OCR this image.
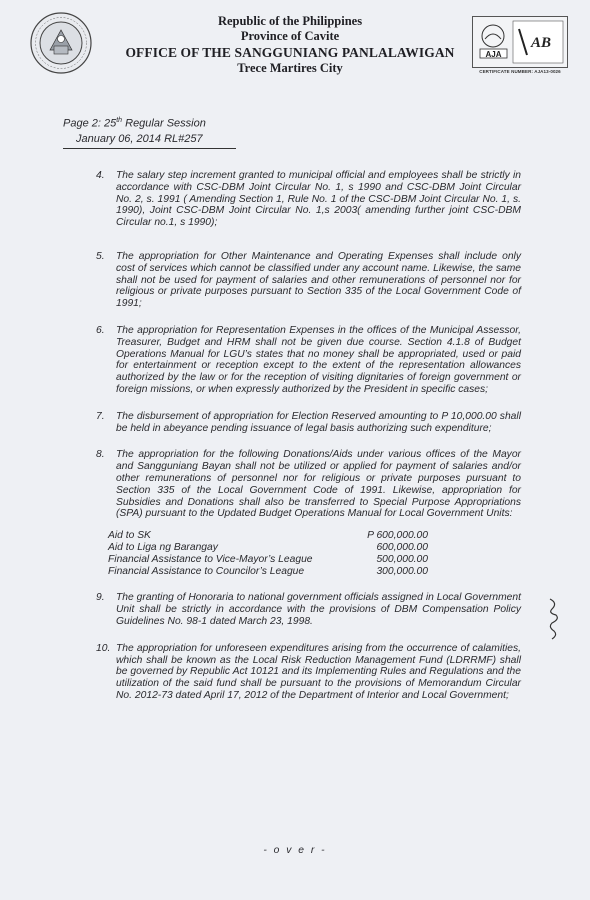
Republic of the Philippines
Province of Cavite
OFFICE OF THE SANGGUNIANG PANLALAWIGAN
Trece Martires City
AJA
AB
CERTIFICATE NUMBER: AJA13-0026
Page 2: 25th Regular Session
January 06, 2014 RL#257
4.	The salary step increment granted to municipal official and employees shall be strictly in accordance with CSC-DBM Joint Circular No. 1, s 1990 and CSC-DBM Joint Circular No. 2, s. 1991 ( Amending Section 1, Rule No. 1 of the CSC-DBM Joint Circular No. 1, s. 1990), Joint CSC-DBM Joint Circular No. 1,s 2003( amending further joint CSC-DBM Circular no.1, s 1990);
5.	The appropriation for Other Maintenance and Operating Expenses shall include only cost of services which cannot be classified under any account name. Likewise, the same shall not be used for payment of salaries and other remunerations of personnel nor for religious or private purposes pursuant to Section 335 of the Local Government Code of 1991;
6.	The appropriation for Representation Expenses in the offices of the Municipal Assessor, Treasurer, Budget and HRM shall not be given due course. Section 4.1.8 of Budget Operations Manual for LGU’s states that no money shall be appropriated, used or paid for entertainment or reception except to the extent of the representation allowances authorized by the law or for the reception of visiting dignitaries of foreign government or foreign missions, or when expressly authorized by the President in specific cases;
7.	The disbursement of appropriation for Election Reserved amounting to P 10,000.00 shall be held in abeyance pending issuance of legal basis authorizing such expenditure;
8.	The appropriation for the following Donations/Aids under various offices of the Mayor and Sangguniang Bayan shall not be utilized or applied for payment of salaries and/or other remunerations of personnel nor for religious or private purposes pursuant to Section 335 of the Local Government Code of 1991. Likewise, appropriation for Subsidies and Donations shall also be transferred to Special Purpose Appropriations (SPA) pursuant to the Updated Budget Operations Manual for Local Government Units:
Aid to SK	P 600,000.00
Aid to Liga ng Barangay	600,000.00
Financial Assistance to Vice-Mayor’s League	500,000.00
Financial Assistance to Councilor’s League	300,000.00
9.	The granting of Honoraria to national government officials assigned in Local Government Unit shall be strictly in accordance with the provisions of DBM Compensation Policy Guidelines No. 98-1 dated March 23, 1998.
10. The appropriation for unforeseen expenditures arising from the occurrence of calamities, which shall be known as the Local Risk Reduction Management Fund (LDRRMF) shall be governed by Republic Act 10121 and its Implementing Rules and Regulations and the utilization of the said fund shall be pursuant to the provisions of Memorandum Circular No. 2012-73 dated April 17, 2012 of the Department of Interior and Local Government;
- o v e r -
